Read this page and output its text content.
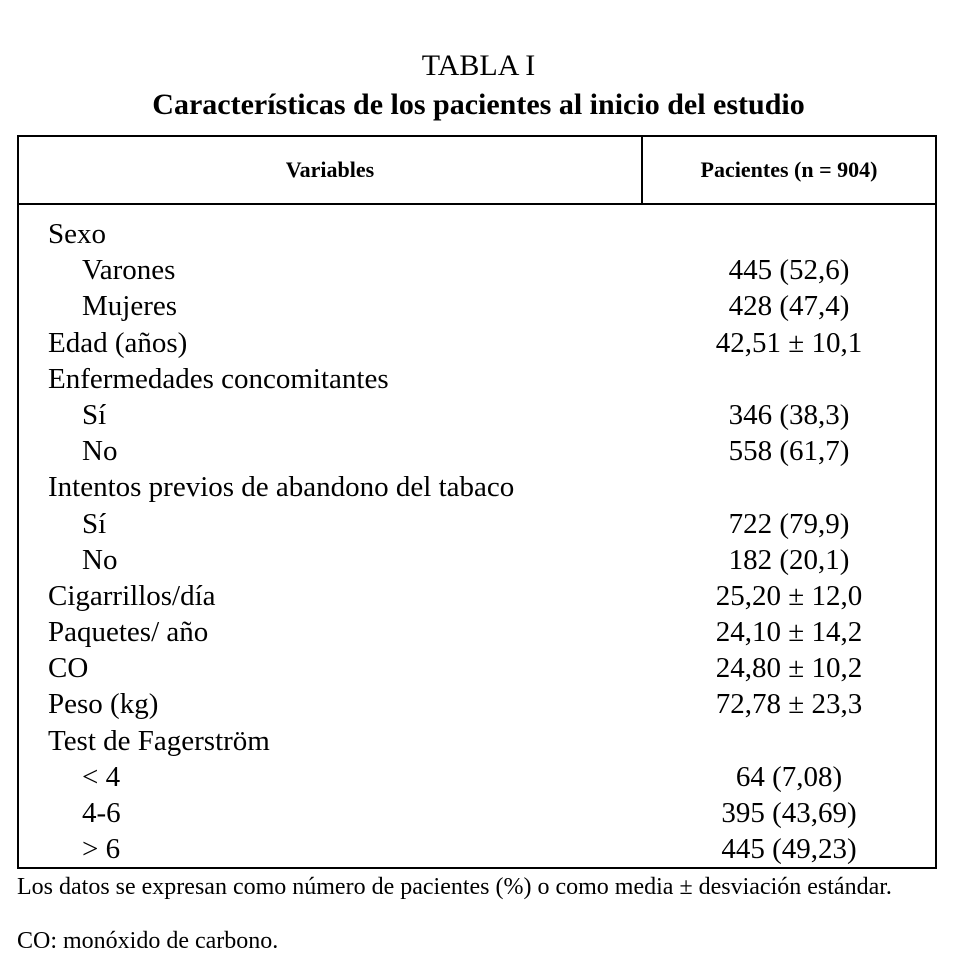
TABLA I
Características de los pacientes al inicio del estudio
Variables	Pacientes (n = 904)
Sexo
Varones	445 (52,6)
Mujeres	428 (47,4)
Edad (años)	42,51 ± 10,1
Enfermedades concomitantes
Sí	346 (38,3)
No	558 (61,7)
Intentos previos de abandono del tabaco
Sí	722 (79,9)
No	182 (20,1)
Cigarrillos/día	25,20 ± 12,0
Paquetes/ año	24,10 ± 14,2
CO	24,80 ± 10,2
Peso (kg)	72,78 ± 23,3
Test de Fagerström
< 4	64 (7,08)
4-6	395 (43,69)
> 6	445 (49,23)

Los datos se expresan como número de pacientes (%) o como media ± desviación estándar.

CO: monóxido de carbono.
